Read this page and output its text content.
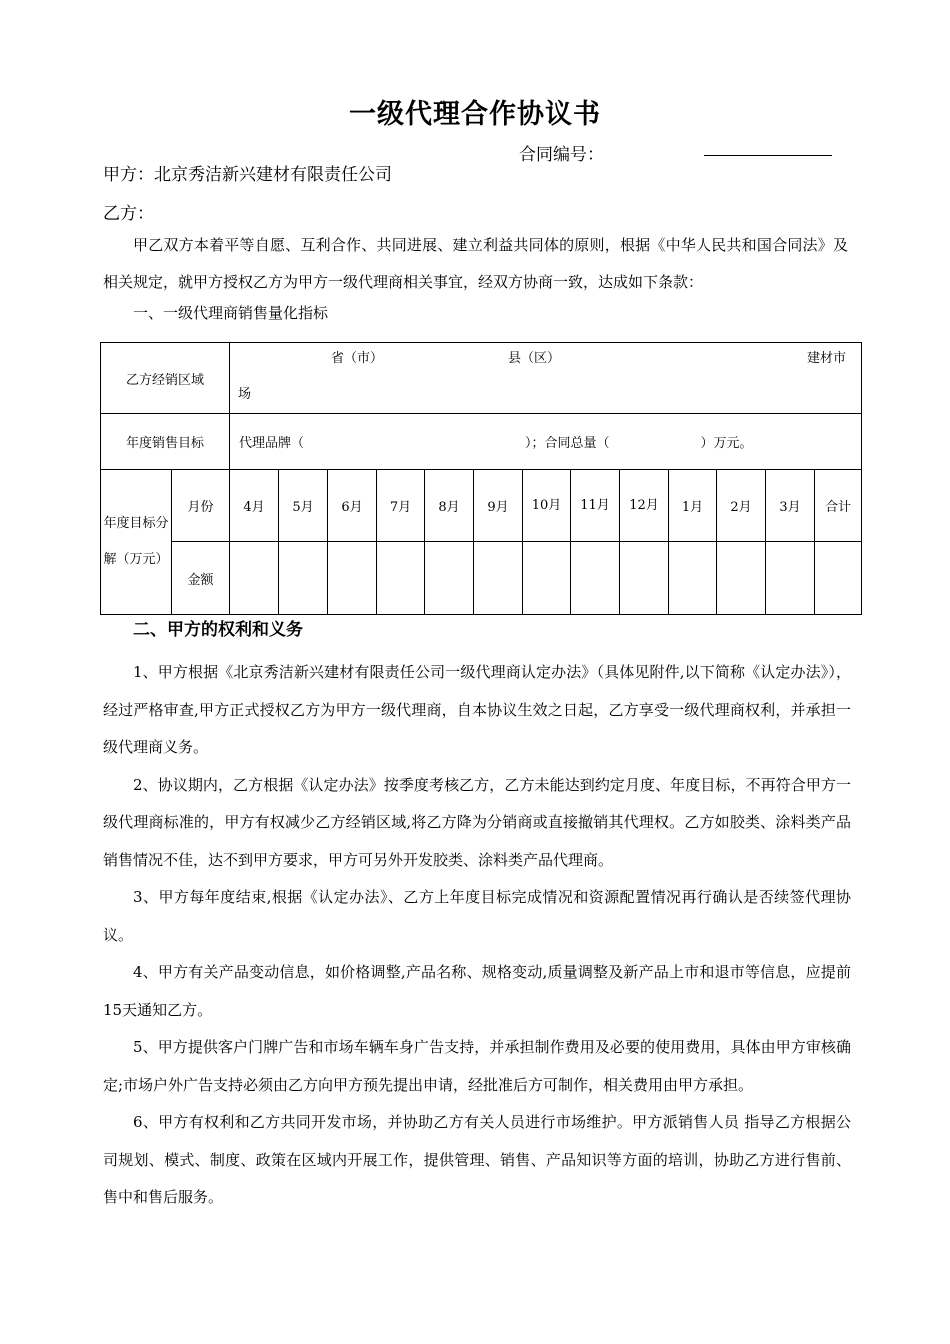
一级代理合作协议书
合同编号：
甲方：北京秀洁新兴建材有限责任公司
乙方：
甲乙双方本着平等自愿、互利合作、共同进展、建立利益共同体的原则，根据《中华人民共和国合同法》及相关规定，就甲方授权乙方为甲方一级代理商相关事宜，经双方协商一致，达成如下条款：
一、一级代理商销售量化指标
乙方经销区域		省（市） 县（区） 建材市
场												

年度销售目标		代理品牌（　　　　　　　　　　　　　　　　　）；合同总量（　　　　　　　）万元。												
年度目标分解（万元）	月份	4月	5月	6月	7月	8月	9月	10月	11月	12月	1月	2月	3月	合计
	金额													
二、甲方的权利和义务

1、甲方根据《北京秀洁新兴建材有限责任公司一级代理商认定办法》（具体见附件,以下简称《认定办法》），经过严格审查,甲方正式授权乙方为甲方一级代理商，自本协议生效之日起，乙方享受一级代理商权利，并承担一级代理商义务。

2、协议期内，乙方根据《认定办法》按季度考核乙方，乙方未能达到约定月度、年度目标，不再符合甲方一级代理商标准的，甲方有权减少乙方经销区域,将乙方降为分销商或直接撤销其代理权。乙方如胶类、涂料类产品销售情况不佳，达不到甲方要求，甲方可另外开发胶类、涂料类产品代理商。

3、甲方每年度结束,根据《认定办法》、乙方上年度目标完成情况和资源配置情况再行确认是否续签代理协议。

4、甲方有关产品变动信息，如价格调整,产品名称、规格变动,质量调整及新产品上市和退市等信息，应提前15天通知乙方。

5、甲方提供客户门牌广告和市场车辆车身广告支持，并承担制作费用及必要的使用费用，具体由甲方审核确定;市场户外广告支持必须由乙方向甲方预先提出申请，经批准后方可制作，相关费用由甲方承担。

6、甲方有权利和乙方共同开发市场，并协助乙方有关人员进行市场维护。甲方派销售人员 指导乙方根据公司规划、模式、制度、政策在区域内开展工作，提供管理、销售、产品知识等方面的培训，协助乙方进行售前、售中和售后服务。
